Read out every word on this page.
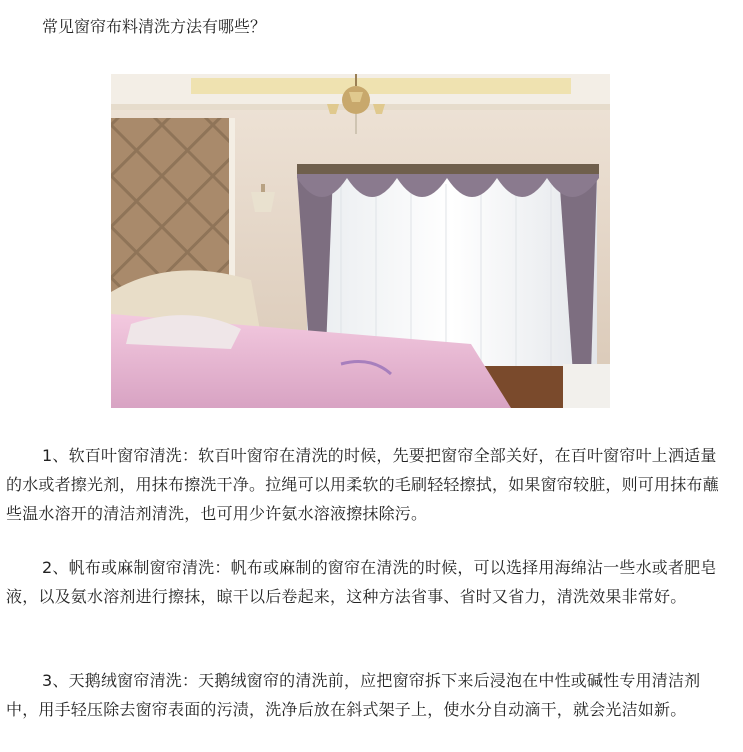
常见窗帘布料清洗方法有哪些？

1、软百叶窗帘清洗：软百叶窗帘在清洗的时候，先要把窗帘全部关好，在百叶窗帘叶上洒适量的水或者擦光剂，用抹布擦洗干净。拉绳可以用柔软的毛刷轻轻擦拭，如果窗帘较脏，则可用抹布蘸些温水溶开的清洁剂清洗，也可用少许氨水溶液擦抹除污。

2、帆布或麻制窗帘清洗：帆布或麻制的窗帘在清洗的时候，可以选择用海绵沾一些水或者肥皂液，以及氨水溶剂进行擦抹，晾干以后卷起来，这种方法省事、省时又省力，清洗效果非常好。

3、天鹅绒窗帘清洗：天鹅绒窗帘的清洗前，应把窗帘拆下来后浸泡在中性或碱性专用清洁剂中，用手轻压除去窗帘表面的污渍，洗净后放在斜式架子上，使水分自动滴干，就会光洁如新。
